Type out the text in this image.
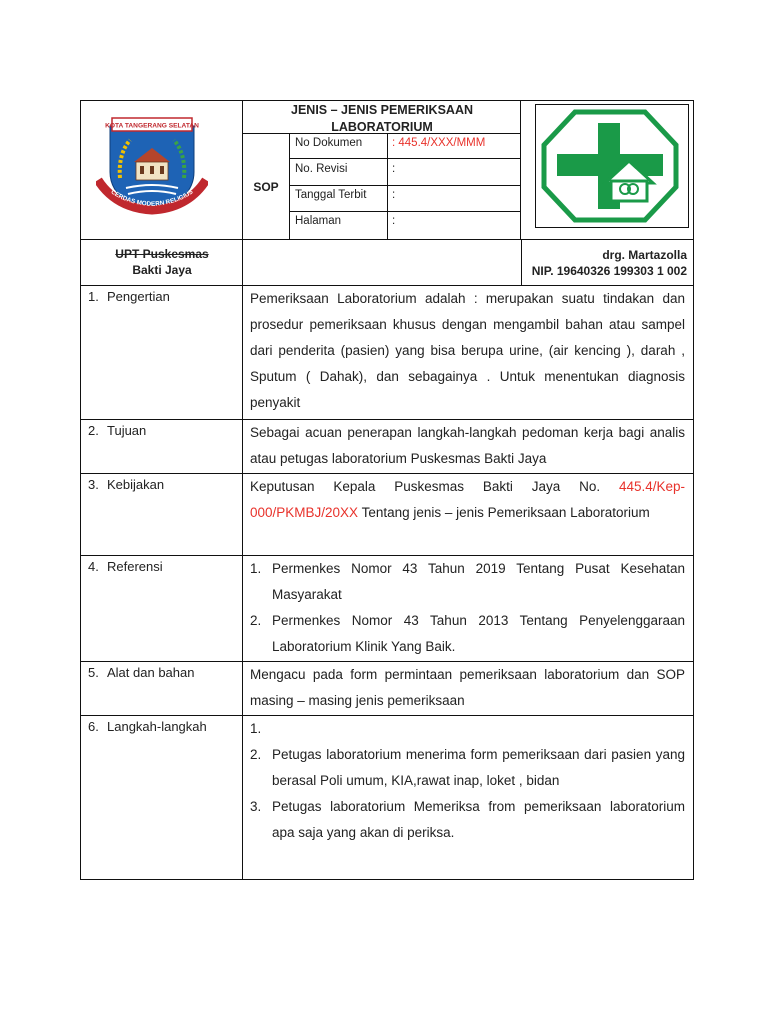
KOTA TANGERANG SELATAN
CERDAS MODERN RELIGIUS
JENIS – JENIS PEMERIKSAAN
LABORATORIUM
SOP
No Dokumen	: 445.4/XXX/MMM
No. Revisi	:
Tanggal Terbit :
Halaman	:
UPT Puskesmas
Bakti Jaya
drg. Martazolla
NIP. 19640326 199303 1 002
1. Pengertian	Pemeriksaan Laboratorium adalah : merupakan suatu tindakan dan prosedur pemeriksaan khusus dengan mengambil bahan atau sampel dari penderita (pasien) yang bisa berupa urine, (air kencing ), darah , Sputum ( Dahak), dan sebagainya . Untuk menentukan diagnosis penyakit

2. Tujuan	Sebagai acuan penerapan langkah-langkah pedoman kerja bagi analis atau petugas laboratorium Puskesmas Bakti Jaya

3. Kebijakan	Keputusan Kepala Puskesmas Bakti Jaya No. 445.4/Kep-000/PKMBJ/20XX Tentang jenis – jenis Pemeriksaan Laboratorium

4. Referensi	1. Permenkes Nomor 43 Tahun 2019 Tentang Pusat Kesehatan Masyarakat
2. Permenkes Nomor 43 Tahun 2013 Tentang Penyelenggaraan Laboratorium Klinik Yang Baik.
5. Alat dan bahan	Mengacu pada form permintaan pemeriksaan laboratorium dan SOP masing – masing jenis pemeriksaan

6. Langkah-langkah	1.
2. Petugas laboratorium menerima form pemeriksaan dari pasien yang berasal Poli umum, KIA,rawat inap, loket , bidan
3. Petugas laboratorium Memeriksa from pemeriksaan laboratorium apa saja yang akan di periksa.
